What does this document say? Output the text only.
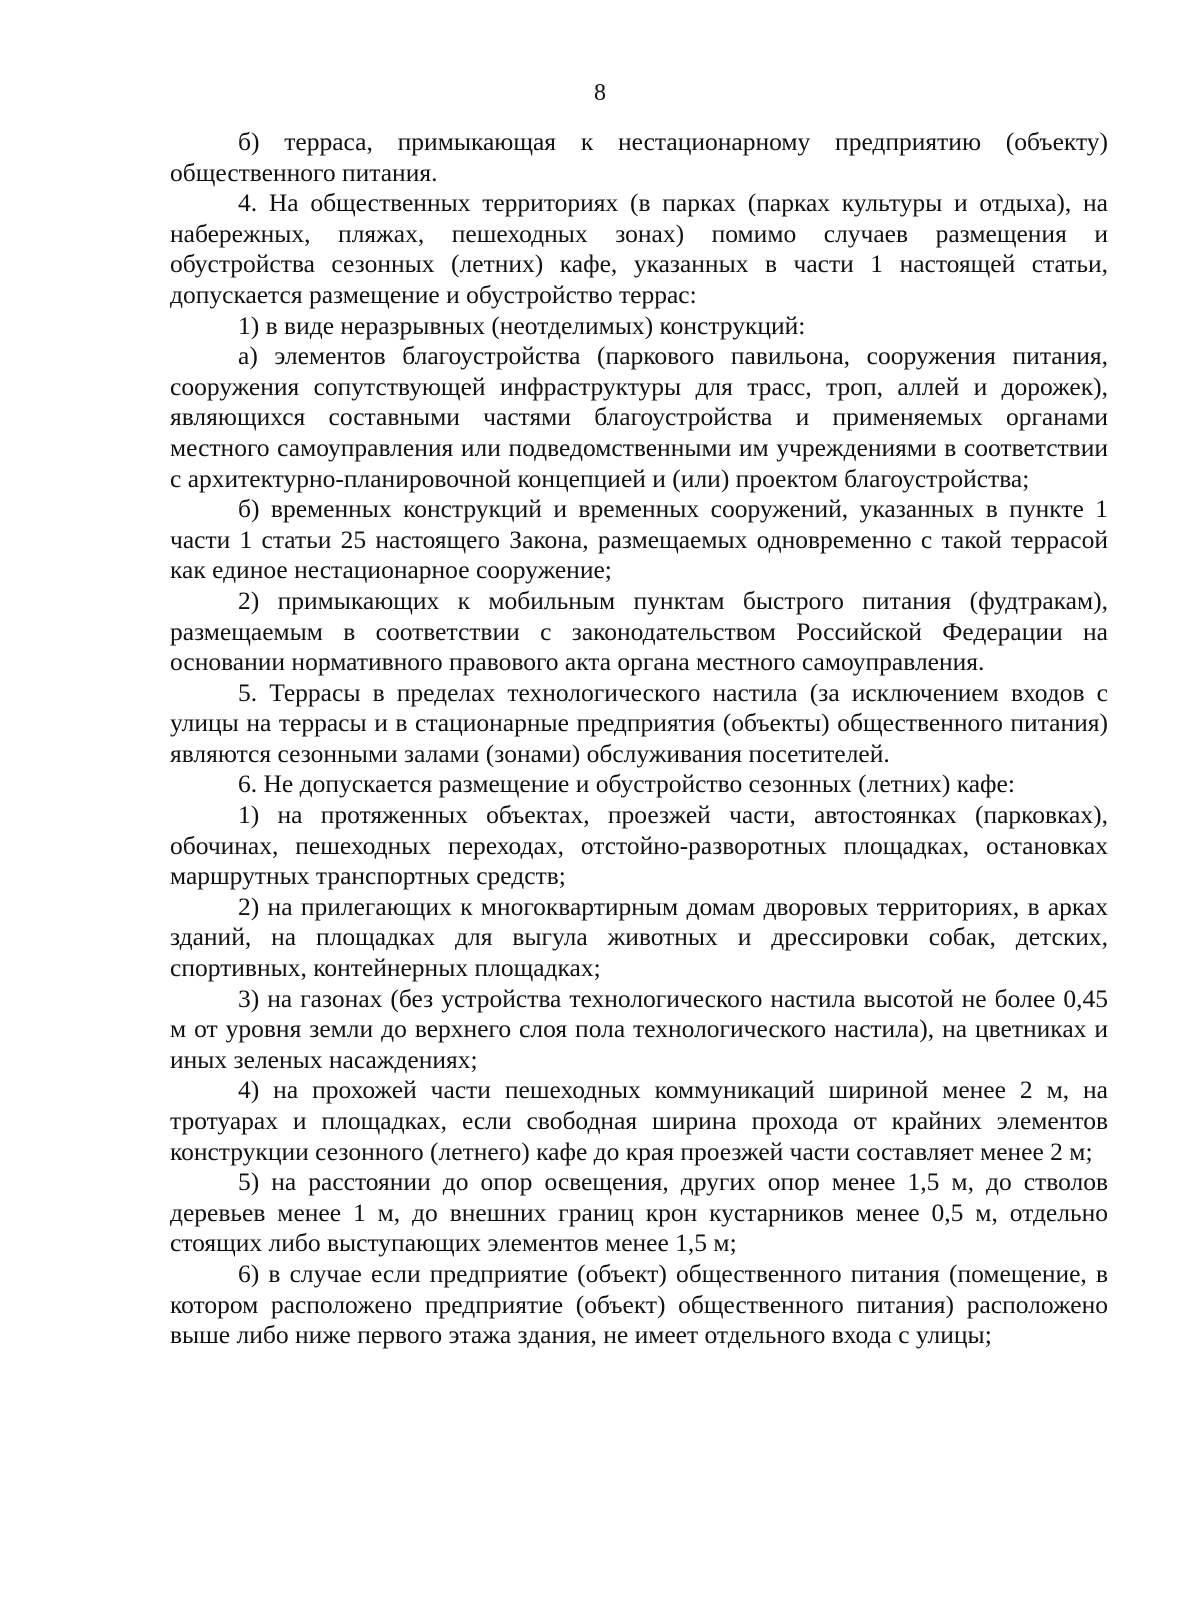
8

б) терраса, примыкающая к нестационарному предприятию (объекту) общественного питания.

4. На общественных территориях (в парках (парках культуры и отдыха), на набережных, пляжах, пешеходных зонах) помимо случаев размещения и обустройства сезонных (летних) кафе, указанных в части 1 настоящей статьи, допускается размещение и обустройство террас:

1) в виде неразрывных (неотделимых) конструкций:

а) элементов благоустройства (паркового павильона, сооружения питания, сооружения сопутствующей инфраструктуры для трасс, троп, аллей и дорожек), являющихся составными частями благоустройства и применяемых органами местного самоуправления или подведомственными им учреждениями в соответствии с архитектурно-планировочной концепцией и (или) проектом благоустройства;

б) временных конструкций и временных сооружений, указанных в пункте 1 части 1 статьи 25 настоящего Закона, размещаемых одновременно с такой террасой как единое нестационарное сооружение;

2) примыкающих к мобильным пунктам быстрого питания (фудтракам), размещаемым в соответствии с законодательством Российской Федерации на основании нормативного правового акта органа местного самоуправления.

5. Террасы в пределах технологического настила (за исключением входов с улицы на террасы и в стационарные предприятия (объекты) общественного питания) являются сезонными залами (зонами) обслуживания посетителей.

6. Не допускается размещение и обустройство сезонных (летних) кафе:

1) на протяженных объектах, проезжей части, автостоянках (парковках), обочинах, пешеходных переходах, отстойно-разворотных площадках, остановках маршрутных транспортных средств;

2) на прилегающих к многоквартирным домам дворовых территориях, в арках зданий, на площадках для выгула животных и дрессировки собак, детских, спортивных, контейнерных площадках;

3) на газонах (без устройства технологического настила высотой не более 0,45 м от уровня земли до верхнего слоя пола технологического настила), на цветниках и иных зеленых насаждениях;

4) на прохожей части пешеходных коммуникаций шириной менее 2 м, на тротуарах и площадках, если свободная ширина прохода от крайних элементов конструкции сезонного (летнего) кафе до края проезжей части составляет менее 2 м;

5) на расстоянии до опор освещения, других опор менее 1,5 м, до стволов деревьев менее 1 м, до внешних границ крон кустарников менее 0,5 м, отдельно стоящих либо выступающих элементов менее 1,5 м;

6) в случае если предприятие (объект) общественного питания (помещение, в котором расположено предприятие (объект) общественного питания) расположено выше либо ниже первого этажа здания, не имеет отдельного входа с улицы;
